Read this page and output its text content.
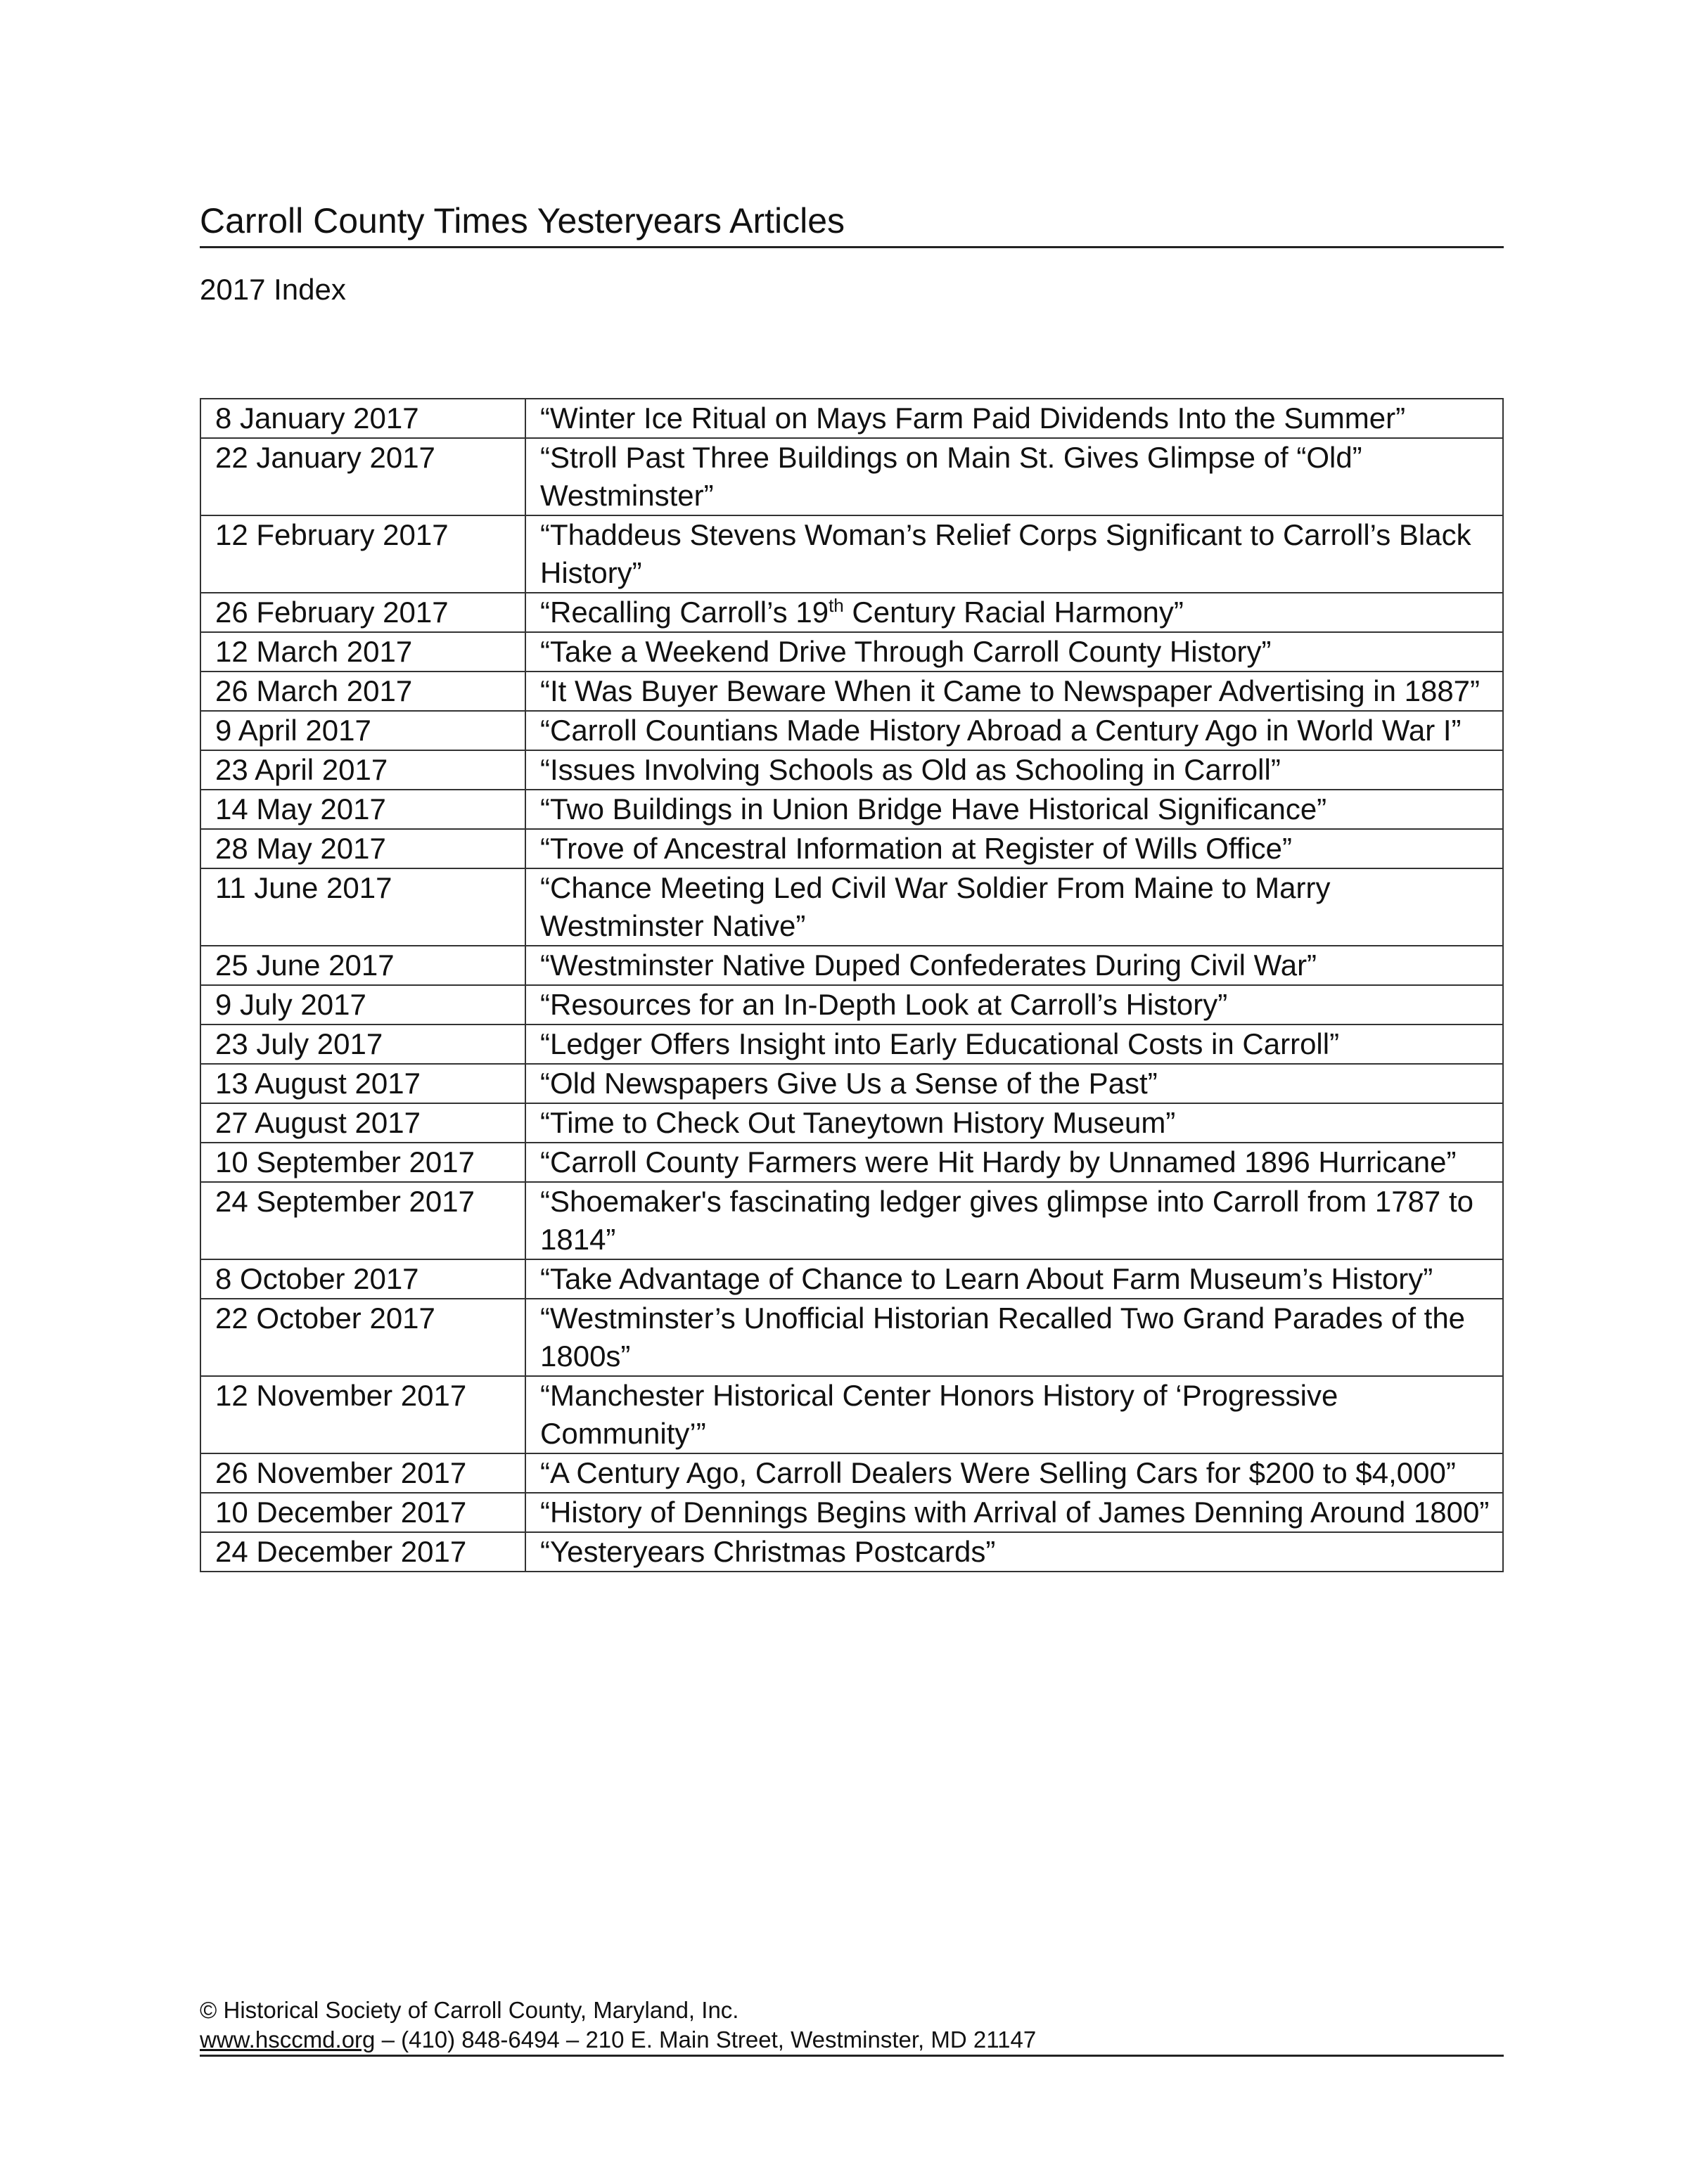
Carroll County Times Yesteryears Articles
2017 Index
8 January 2017	“Winter Ice Ritual on Mays Farm Paid Dividends Into the Summer”
22 January 2017	“Stroll Past Three Buildings on Main St. Gives Glimpse of “Old” Westminster”
12 February 2017	“Thaddeus Stevens Woman’s Relief Corps Significant to Carroll’s Black History”
26 February 2017	“Recalling Carroll’s 19th Century Racial Harmony”
12 March 2017	“Take a Weekend Drive Through Carroll County History”
26 March 2017	“It Was Buyer Beware When it Came to Newspaper Advertising in 1887”
9 April 2017	“Carroll Countians Made History Abroad a Century Ago in World War I”
23 April 2017	“Issues Involving Schools as Old as Schooling in Carroll”
14 May 2017	“Two Buildings in Union Bridge Have Historical Significance”
28 May 2017	“Trove of Ancestral Information at Register of Wills Office”
11 June 2017	“Chance Meeting Led Civil War Soldier From Maine to Marry Westminster Native”
25 June 2017	“Westminster Native Duped Confederates During Civil War”
9 July 2017	“Resources for an In-Depth Look at Carroll’s History”
23 July 2017	“Ledger Offers Insight into Early Educational Costs in Carroll”
13 August 2017	“Old Newspapers Give Us a Sense of the Past”
27 August 2017	“Time to Check Out Taneytown History Museum”
10 September 2017	“Carroll County Farmers were Hit Hardy by Unnamed 1896 Hurricane”
24 September 2017	“Shoemaker's fascinating ledger gives glimpse into Carroll from 1787 to 1814”
8 October 2017	“Take Advantage of Chance to Learn About Farm Museum’s History”
22 October 2017	“Westminster’s Unofficial Historian Recalled Two Grand Parades of the 1800s”
12 November 2017	“Manchester Historical Center Honors History of ‘Progressive Community’”
26 November 2017	“A Century Ago, Carroll Dealers Were Selling Cars for $200 to $4,000”
10 December 2017	“History of Dennings Begins with Arrival of James Denning Around 1800”
24 December 2017	“Yesteryears Christmas Postcards”
© Historical Society of Carroll County, Maryland, Inc.
www.hsccmd.org – (410) 848-6494 – 210 E. Main Street, Westminster, MD 21147
